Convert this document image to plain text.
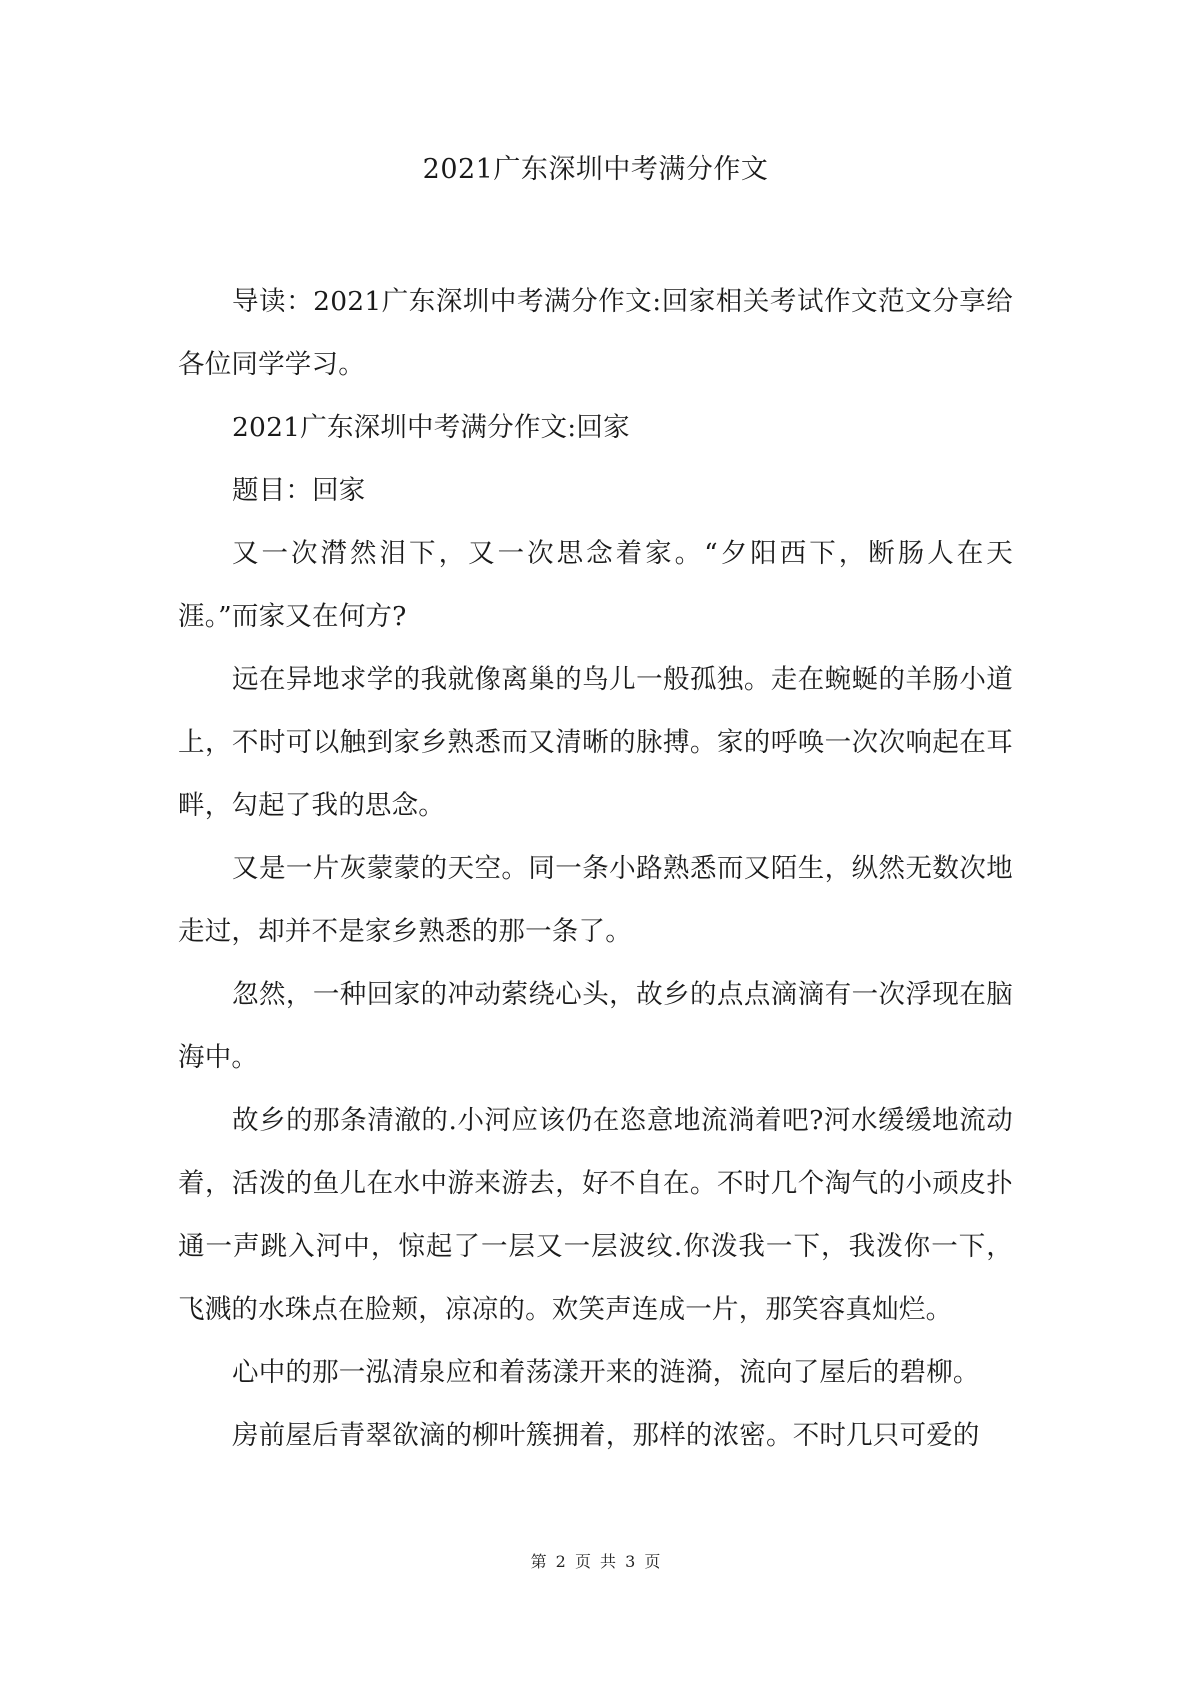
2021广东深圳中考满分作文

导读：2021广东深圳中考满分作文:回家相关考试作文范文分享给各位同学学习。

2021广东深圳中考满分作文:回家

题目：回家

又一次潸然泪下，又一次思念着家。“夕阳西下，断肠人在天涯。”而家又在何方?

远在异地求学的我就像离巢的鸟儿一般孤独。走在蜿蜒的羊肠小道上，不时可以触到家乡熟悉而又清晰的脉搏。家的呼唤一次次响起在耳畔，勾起了我的思念。

又是一片灰蒙蒙的天空。同一条小路熟悉而又陌生，纵然无数次地走过，却并不是家乡熟悉的那一条了。

忽然，一种回家的冲动萦绕心头，故乡的点点滴滴有一次浮现在脑海中。

故乡的那条清澈的.小河应该仍在恣意地流淌着吧?河水缓缓地流动着，活泼的鱼儿在水中游来游去，好不自在。不时几个淘气的小顽皮扑通一声跳入河中，惊起了一层又一层波纹.你泼我一下，我泼你一下，飞溅的水珠点在脸颊，凉凉的。欢笑声连成一片，那笑容真灿烂。

心中的那一泓清泉应和着荡漾开来的涟漪，流向了屋后的碧柳。

房前屋后青翠欲滴的柳叶簇拥着，那样的浓密。不时几只可爱的

第 2 页 共 3 页
